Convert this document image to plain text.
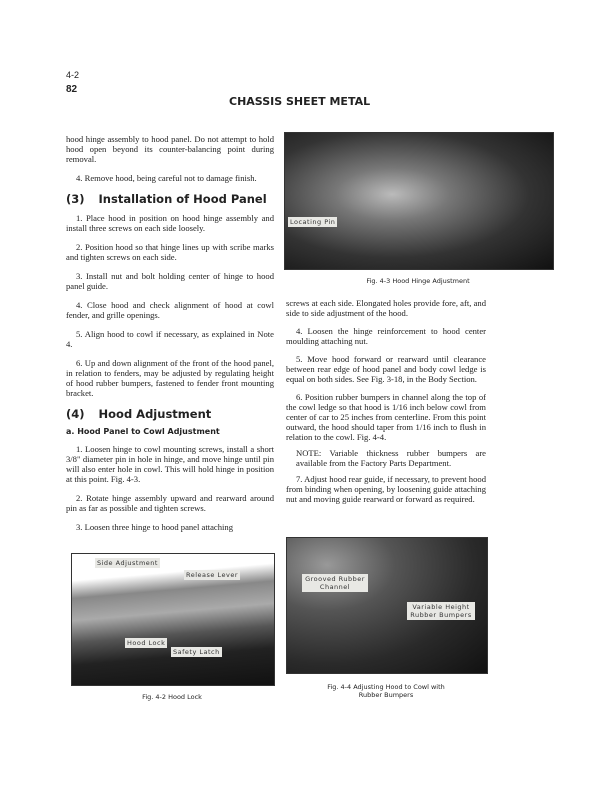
4-2
82
CHASSIS SHEET METAL

hood hinge assembly to hood panel. Do not attempt to hold hood open beyond its counter-balancing point during removal.

4. Remove hood, being careful not to damage finish.

(3) Installation of Hood Panel

1. Place hood in position on hood hinge assembly and install three screws on each side loosely.

2. Position hood so that hinge lines up with scribe marks and tighten screws on each side.

3. Install nut and bolt holding center of hinge to hood panel guide.

4. Close hood and check alignment of hood at cowl fender, and grille openings.

5. Align hood to cowl if necessary, as explained in Note 4.

6. Up and down alignment of the front of the hood panel, in relation to fenders, may be adjusted by regulating height of hood rubber bumpers, fastened to fender front mounting bracket.

(4) Hood Adjustment

a. Hood Panel to Cowl Adjustment

1. Loosen hinge to cowl mounting screws, install a short 3/8" diameter pin in hole in hinge, and move hinge until pin will also enter hole in cowl. This will hold hinge in position at this point. Fig. 4-3.

2. Rotate hinge assembly upward and rearward around pin as far as possible and tighten screws.

3. Loosen three hinge to hood panel attaching

Locating Pin
Fig. 4-3 Hood Hinge Adjustment

screws at each side. Elongated holes provide fore, aft, and side to side adjustment of the hood.

4. Loosen the hinge reinforcement to hood center moulding attaching nut.

5. Move hood forward or rearward until clearance between rear edge of hood panel and body cowl ledge is equal on both sides. See Fig. 3-18, in the Body Section.

6. Position rubber bumpers in channel along the top of the cowl ledge so that hood is 1/16 inch below cowl from center of car to 25 inches from centerline. From this point outward, the hood should taper from 1/16 inch to flush in relation to the cowl. Fig. 4-4.

NOTE: Variable thickness rubber bumpers are available from the Factory Parts Department.

7. Adjust hood rear guide, if necessary, to prevent hood from binding when opening, by loosening guide attaching nut and moving guide rearward or forward as required.

Side Adjustment
Release Lever
Hood Lock
Safety Latch
Fig. 4-2 Hood Lock
Grooved Rubber Channel
Variable Height Rubber Bumpers
Fig. 4-4 Adjusting Hood to Cowl with
Rubber Bumpers
